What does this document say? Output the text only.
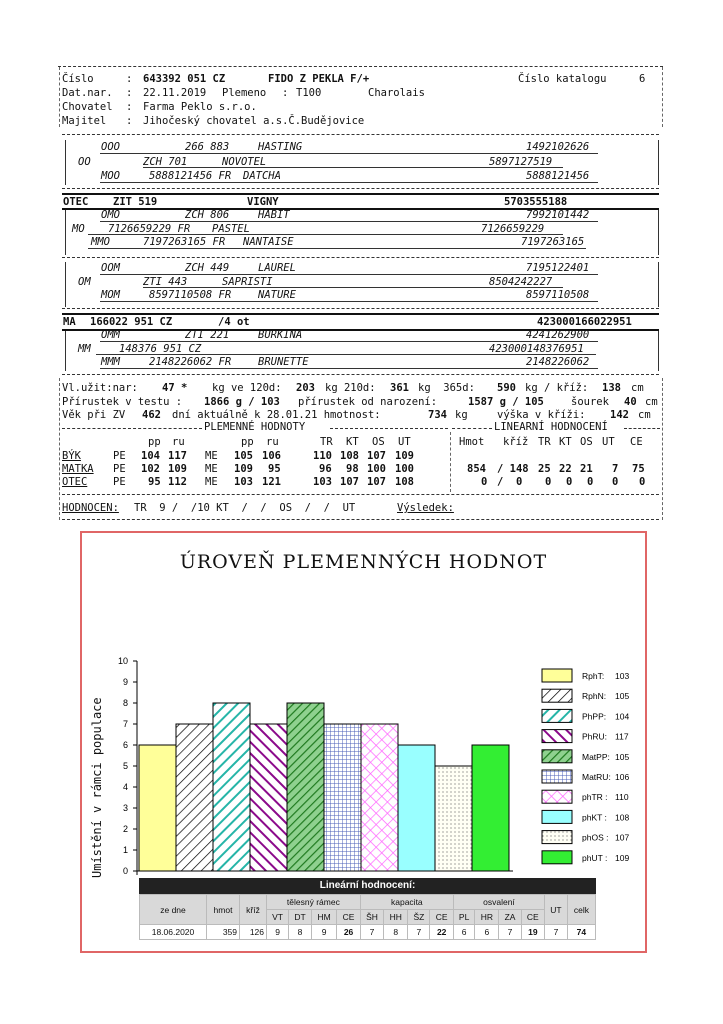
Číslo	: 643392 051 CZ	FIDO Z PEKLA F/+	Číslo katalogu	6
Dat.nar. : 22.11.2019 Plemeno : T100	Charolais
Chovatel : Farma Peklo s.r.o.
Majitel : Jihočeský chovatel a.s.Č.Budějovice
OOO	266 883	HASTING	1492102626
OO	ZCH 701	NOVOTEL	5897127519
MOO	5888121456 FR DATCHA	5888121456
OTEC ZIT 519	VIGNY	5703555188
OMO	ZCH 806	HABIT	7992101442
MO 7126659229 FR PASTEL	7126659229
MMO	7197263165 FR NANTAISE	7197263165
OOM	ZCH 449	LAUREL	7195122401
OM	ZTI 443	SAPRISTI	8504242227
MOM	8597110508 FR	NATURE	8597110508
MA 166022 951 CZ	/4 ot	423000166022951
OMM	ZTI 221	BURKINA	4241262900
MM	148376 951 CZ	423000148376951
MMM	2148226062 FR	BRUNETTE	2148226062
Vl.užit:nar: 47 * kg ve 120d: 203 kg 210d: 361 kg  365d: 590 kg / kříž: 138 cm
Přírustek v testu : 1866 g / 103 přírustek od narození:	1587 g / 105	šourek 40 cm
Věk při ZV 462 dní aktuálně k 28.01.21 hmotnost:	734 kg	výška v kříži: 142 cm
PLEMENNÉ HODNOTY	LINEARNÍ HODNOCENÍ
pp ru	pp ru	TR KT OS UT	Hmot kříž TR KT OS UT CE
BÝK	PE 104 117 ME 105 106	110 108 107 109
MATKA PE 102 109 ME 109 95	96 98 100 100	854 / 148 25 22 21 7 75
OTEC PE 95 112 ME 103 121	103 107 107 108	0 /  0 0 0 0 0 0
HODNOCEN: TR  9 /  /10 KT  /  /  OS  /  /  UT	Výsledek:
ÚROVEŇ PLEMENNÝCH HODNOT
Umístění v rámci populace 0
1
2
3
4
5
6
7
8
9
10
RphT: 103
RphN: 105
PhPP: 104
PhRU: 117
MatPP: 105
MatRU: 106
phTR : 110
phKT : 108
phOS : 107
phUT : 109
Lineární hodnocení:
ze dne	hmot	kříž	tělesný rámec				kapacita				osvalení				UT	celk
			VT	DT	HM	CE	ŠH	HH	ŠZ	CE	PL	HR	ZA	CE		
18.06.2020	359	126	9	8	9	26	7	8	7	22	6	6	7	19	7	74
